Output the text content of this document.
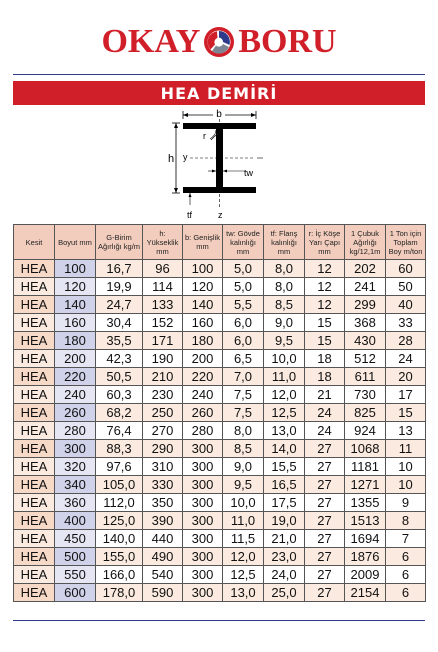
OKAY BORU
HEA DEMİRİ
b
r
y
z
h
tw
tf
Kesit	Boyut mm	G-Birim Ağırlığı kg/m	h: Yükseklik mm	b: Genişlik mm	tw: Gövde kalınlığı mm	tf: Flanş kalınlığı mm	r: İç Köşe Yarı Çapı mm	1 Çubuk Ağırlığı kg/12,1m	1 Ton için Toplam Boy m/ton
HEA	100	16,7	96	100	5,0	8,0	12	202	60
HEA	120	19,9	114	120	5,0	8,0	12	241	50
HEA	140	24,7	133	140	5,5	8,5	12	299	40
HEA	160	30,4	152	160	6,0	9,0	15	368	33
HEA	180	35,5	171	180	6,0	9,5	15	430	28
HEA	200	42,3	190	200	6,5	10,0	18	512	24
HEA	220	50,5	210	220	7,0	11,0	18	611	20
HEA	240	60,3	230	240	7,5	12,0	21	730	17
HEA	260	68,2	250	260	7,5	12,5	24	825	15
HEA	280	76,4	270	280	8,0	13,0	24	924	13
HEA	300	88,3	290	300	8,5	14,0	27	1068	11
HEA	320	97,6	310	300	9,0	15,5	27	1181	10
HEA	340	105,0	330	300	9,5	16,5	27	1271	10
HEA	360	112,0	350	300	10,0	17,5	27	1355	9
HEA	400	125,0	390	300	11,0	19,0	27	1513	8
HEA	450	140,0	440	300	11,5	21,0	27	1694	7
HEA	500	155,0	490	300	12,0	23,0	27	1876	6
HEA	550	166,0	540	300	12,5	24,0	27	2009	6
HEA	600	178,0	590	300	13,0	25,0	27	2154	6
